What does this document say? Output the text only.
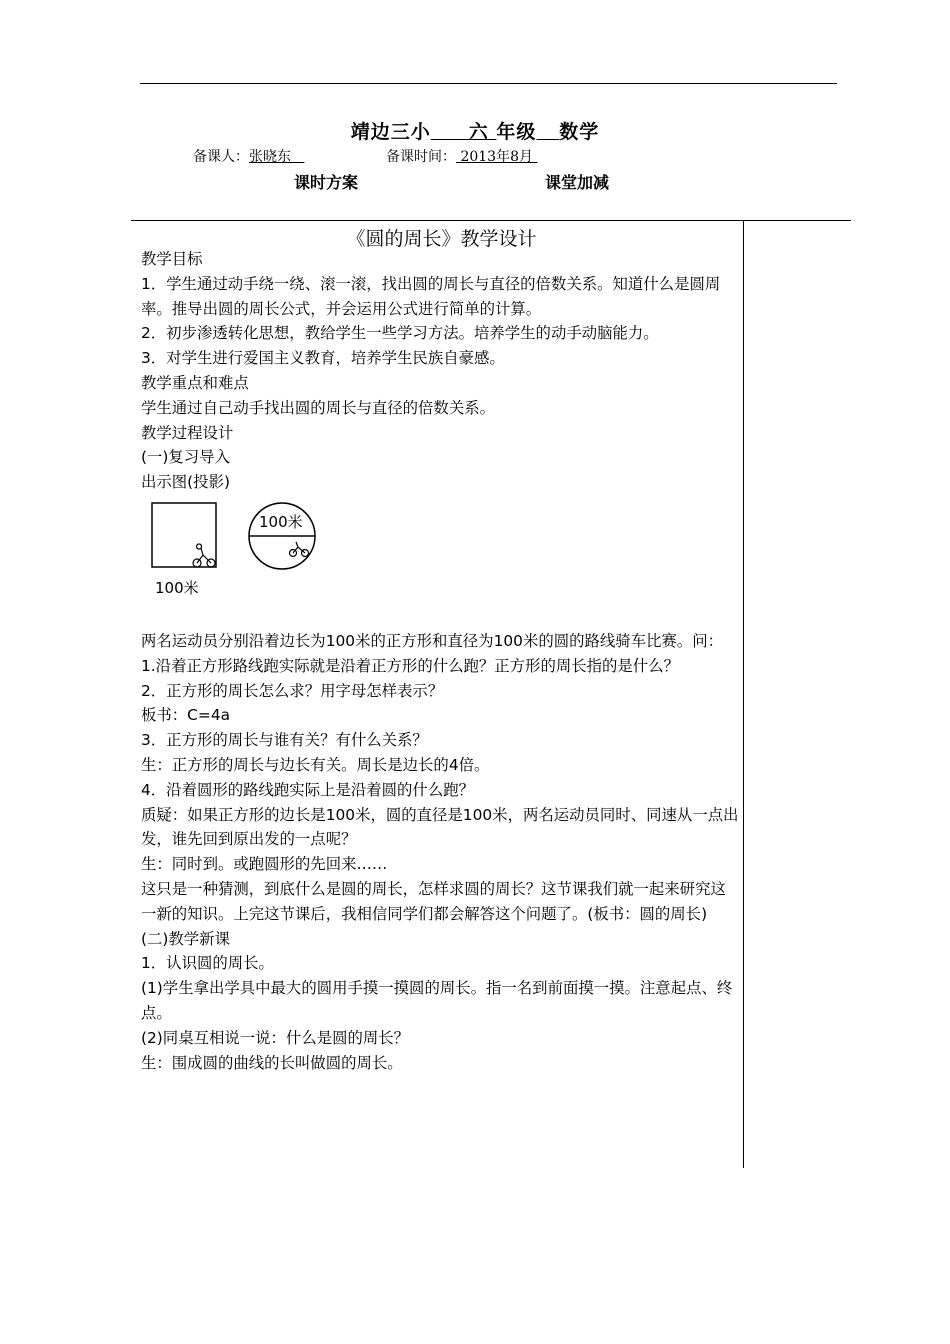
靖边三小 六 年级 数学
备课人：张晓东	备课时间： 2013年8月
课时方案	课堂加减
《圆的周长》教学设计

教学目标

1．学生通过动手绕一绕、滚一滚，找出圆的周长与直径的倍数关系。知道什么是圆周率。推导出圆的周长公式，并会运用公式进行简单的计算。

2．初步渗透转化思想，教给学生一些学习方法。培养学生的动手动脑能力。

3．对学生进行爱国主义教育，培养学生民族自豪感。

教学重点和难点

学生通过自己动手找出圆的周长与直径的倍数关系。

教学过程设计

(一)复习导入

出示图(投影)

100米
100米

两名运动员分别沿着边长为100米的正方形和直径为100米的圆的路线骑车比赛。问：

1.沿着正方形路线跑实际就是沿着正方形的什么跑？正方形的周长指的是什么？

2．正方形的周长怎么求？用字母怎样表示？

板书：C=4a

3．正方形的周长与谁有关？有什么关系？

生：正方形的周长与边长有关。周长是边长的4倍。

4．沿着圆形的路线跑实际上是沿着圆的什么跑？

质疑：如果正方形的边长是100米，圆的直径是100米，两名运动员同时、同速从一点出发，谁先回到原出发的一点呢？

生：同时到。或跑圆形的先回来……

这只是一种猜测，到底什么是圆的周长，怎样求圆的周长？这节课我们就一起来研究这一新的知识。上完这节课后，我相信同学们都会解答这个问题了。(板书：圆的周长)

(二)教学新课

1．认识圆的周长。

(1)学生拿出学具中最大的圆用手摸一摸圆的周长。指一名到前面摸一摸。注意起点、终点。

(2)同桌互相说一说：什么是圆的周长？

生：围成圆的曲线的长叫做圆的周长。
